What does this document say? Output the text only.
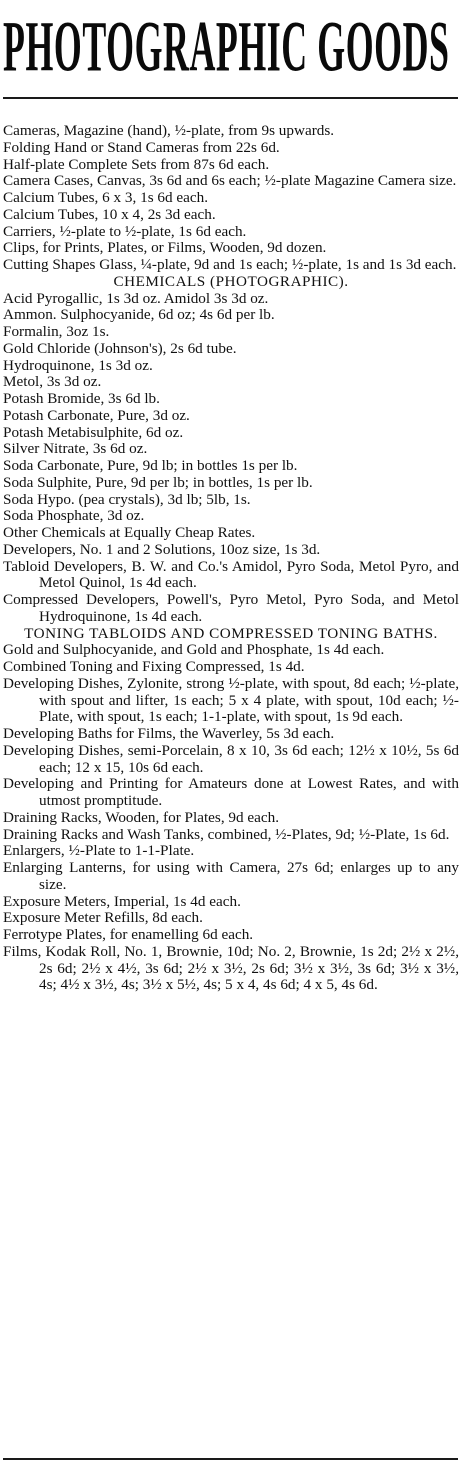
PHOTOGRAPHIC GOODS

Cameras, Magazine (hand), ½-plate, from 9s upwards.

Folding Hand or Stand Cameras from 22s 6d.

Half-plate Complete Sets from 87s 6d each.

Camera Cases, Canvas, 3s 6d and 6s each; ½-plate Magazine Camera size.

Calcium Tubes, 6 x 3, 1s 6d each.

Calcium Tubes, 10 x 4, 2s 3d each.

Carriers, ½-plate to ½-plate, 1s 6d each.

Clips, for Prints, Plates, or Films, Wooden, 9d dozen.

Cutting Shapes Glass, ¼-plate, 9d and 1s each; ½-plate, 1s and 1s 3d each.

CHEMICALS (PHOTOGRAPHIC).

Acid Pyrogallic, 1s 3d oz. Amidol 3s 3d oz.

Ammon. Sulphocyanide, 6d oz; 4s 6d per lb.

Formalin, 3oz 1s.

Gold Chloride (Johnson's), 2s 6d tube.

Hydroquinone, 1s 3d oz.

Metol, 3s 3d oz.

Potash Bromide, 3s 6d lb.

Potash Carbonate, Pure, 3d oz.

Potash Metabisulphite, 6d oz.

Silver Nitrate, 3s 6d oz.

Soda Carbonate, Pure, 9d lb; in bottles 1s per lb.

Soda Sulphite, Pure, 9d per lb; in bottles, 1s per lb.

Soda Hypo. (pea crystals), 3d lb; 5lb, 1s.

Soda Phosphate, 3d oz.

Other Chemicals at Equally Cheap Rates.

Developers, No. 1 and 2 Solutions, 10oz size, 1s 3d.

Tabloid Developers, B. W. and Co.'s Amidol, Pyro Soda, Metol Pyro, and Metol Quinol, 1s 4d each.

Compressed Developers, Powell's, Pyro Metol, Pyro Soda, and Metol Hydroquinone, 1s 4d each.

TONING TABLOIDS AND COMPRESSED TONING BATHS.

Gold and Sulphocyanide, and Gold and Phosphate, 1s 4d each.

Combined Toning and Fixing Compressed, 1s 4d.

Developing Dishes, Zylonite, strong ½-plate, with spout, 8d each; ½-plate, with spout and lifter, 1s each; 5 x 4 plate, with spout, 10d each; ½-Plate, with spout, 1s each; 1-1-plate, with spout, 1s 9d each.

Developing Baths for Films, the Waverley, 5s 3d each.

Developing Dishes, semi-Porcelain, 8 x 10, 3s 6d each; 12½ x 10½, 5s 6d each; 12 x 15, 10s 6d each.

Developing and Printing for Amateurs done at Lowest Rates, and with utmost promptitude.

Draining Racks, Wooden, for Plates, 9d each.

Draining Racks and Wash Tanks, combined, ½-Plates, 9d; ½-Plate, 1s 6d.

Enlargers, ½-Plate to 1-1-Plate.

Enlarging Lanterns, for using with Camera, 27s 6d; enlarges up to any size.

Exposure Meters, Imperial, 1s 4d each.

Exposure Meter Refills, 8d each.

Ferrotype Plates, for enamelling 6d each.

Films, Kodak Roll, No. 1, Brownie, 10d; No. 2, Brownie, 1s 2d; 2½ x 2½, 2s 6d; 2½ x 4½, 3s 6d; 2½ x 3½, 2s 6d; 3½ x 3½, 3s 6d; 3½ x 3½, 4s; 4½ x 3½, 4s; 3½ x 5½, 4s; 5 x 4, 4s 6d; 4 x 5, 4s 6d.
